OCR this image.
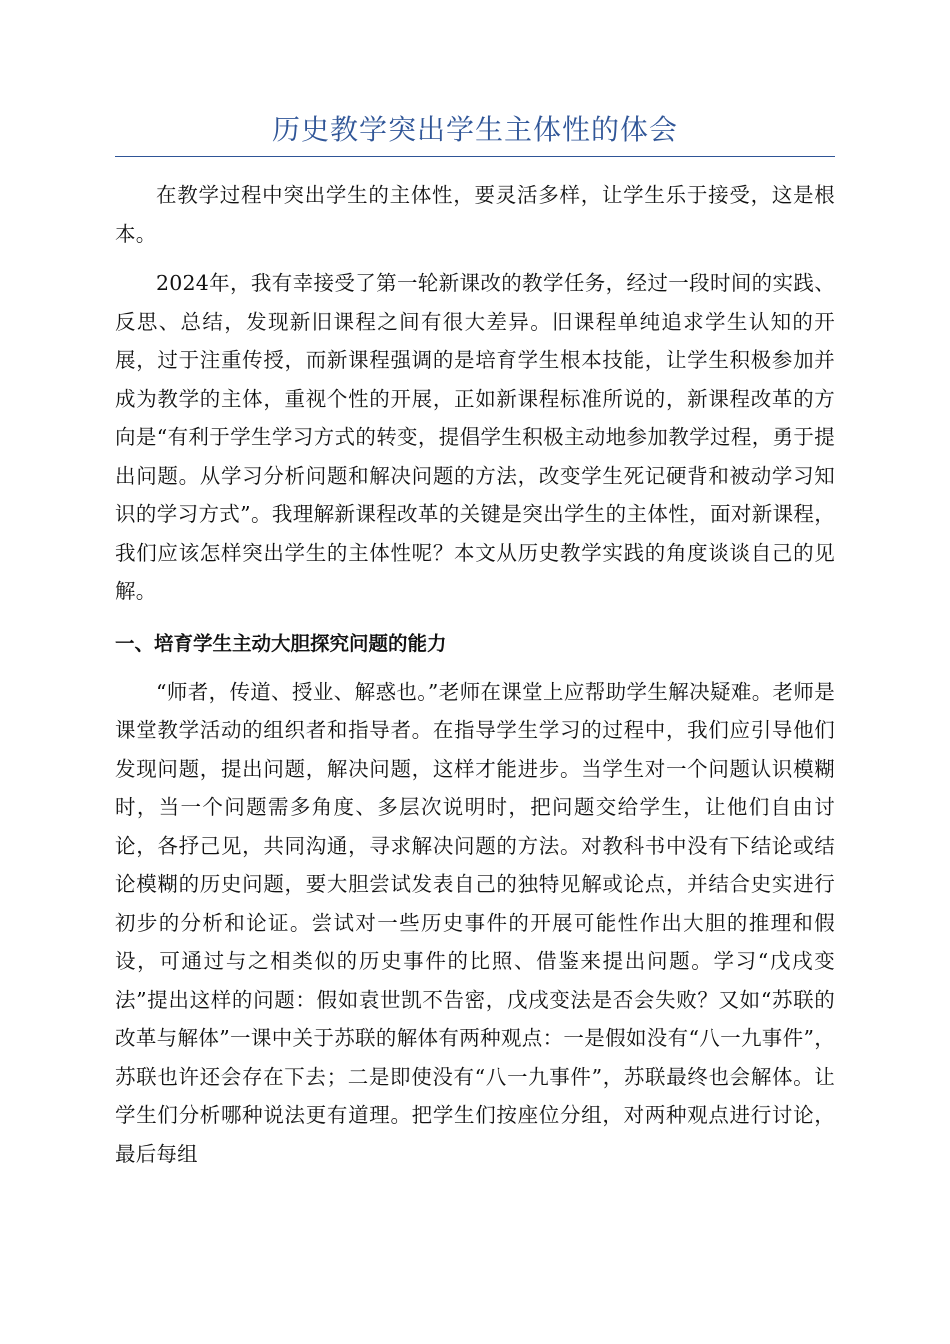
历史教学突出学生主体性的体会

在教学过程中突出学生的主体性，要灵活多样，让学生乐于接受，这是根本。

2024年，我有幸接受了第一轮新课改的教学任务，经过一段时间的实践、反思、总结，发现新旧课程之间有很大差异。旧课程单纯追求学生认知的开展，过于注重传授，而新课程强调的是培育学生根本技能，让学生积极参加并成为教学的主体，重视个性的开展，正如新课程标准所说的，新课程改革的方向是“有利于学生学习方式的转变，提倡学生积极主动地参加教学过程，勇于提出问题。从学习分析问题和解决问题的方法，改变学生死记硬背和被动学习知识的学习方式”。我理解新课程改革的关键是突出学生的主体性，面对新课程，我们应该怎样突出学生的主体性呢？本文从历史教学实践的角度谈谈自己的见解。

一、培育学生主动大胆探究问题的能力

“师者，传道、授业、解惑也。”老师在课堂上应帮助学生解决疑难。老师是课堂教学活动的组织者和指导者。在指导学生学习的过程中，我们应引导他们发现问题，提出问题，解决问题，这样才能进步。当学生对一个问题认识模糊时，当一个问题需多角度、多层次说明时，把问题交给学生，让他们自由讨论，各抒己见，共同沟通，寻求解决问题的方法。对教科书中没有下结论或结论模糊的历史问题，要大胆尝试发表自己的独特见解或论点，并结合史实进行初步的分析和论证。尝试对一些历史事件的开展可能性作出大胆的推理和假设，可通过与之相类似的历史事件的比照、借鉴来提出问题。学习“戊戌变法”提出这样的问题：假如袁世凯不告密，戊戌变法是否会失败？又如“苏联的改革与解体”一课中关于苏联的解体有两种观点：一是假如没有“八一九事件”，苏联也许还会存在下去；二是即使没有“八一九事件”，苏联最终也会解体。让学生们分析哪种说法更有道理。把学生们按座位分组，对两种观点进行讨论，最后每组
